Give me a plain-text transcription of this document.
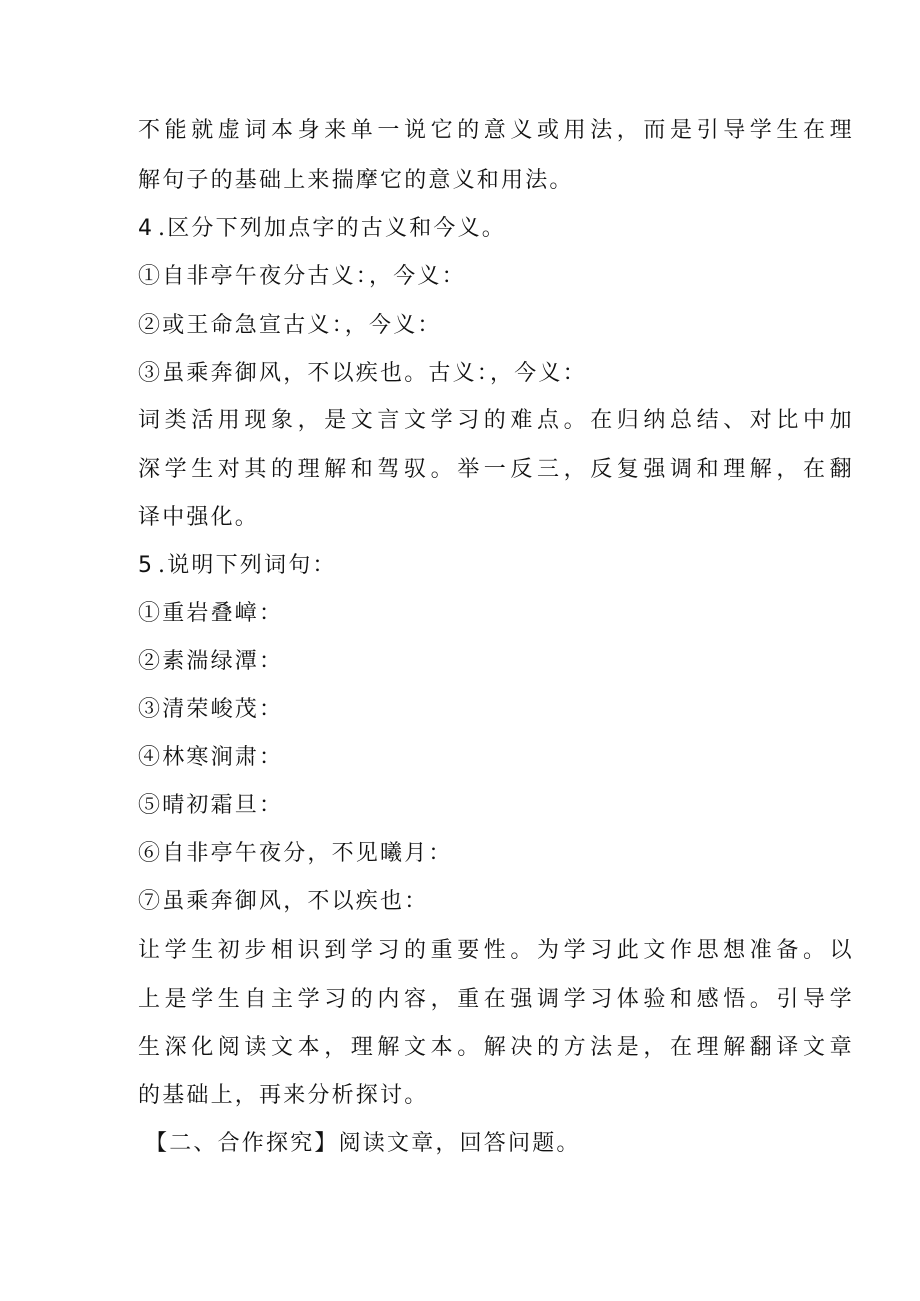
不能就虚词本身来单一说它的意义或用法，而是引导学生在理
解句子的基础上来揣摩它的意义和用法。
4.区分下列加点字的古义和今义。
①自非亭午夜分古义：，今义：
②或王命急宣古义：，今义：
③虽乘奔御风，不以疾也。古义：，今义：
词类活用现象，是文言文学习的难点。在归纳总结、对比中加
深学生对其的理解和驾驭。举一反三，反复强调和理解，在翻
译中强化。
5.说明下列词句：
①重岩叠嶂：
②素湍绿潭：
③清荣峻茂：
④林寒涧肃：
⑤晴初霜旦：
⑥自非亭午夜分，不见曦月：
⑦虽乘奔御风，不以疾也：
让学生初步相识到学习的重要性。为学习此文作思想准备。以
上是学生自主学习的内容，重在强调学习体验和感悟。引导学
生深化阅读文本，理解文本。解决的方法是，在理解翻译文章
的基础上，再来分析探讨。
【二、合作探究】阅读文章，回答问题。
